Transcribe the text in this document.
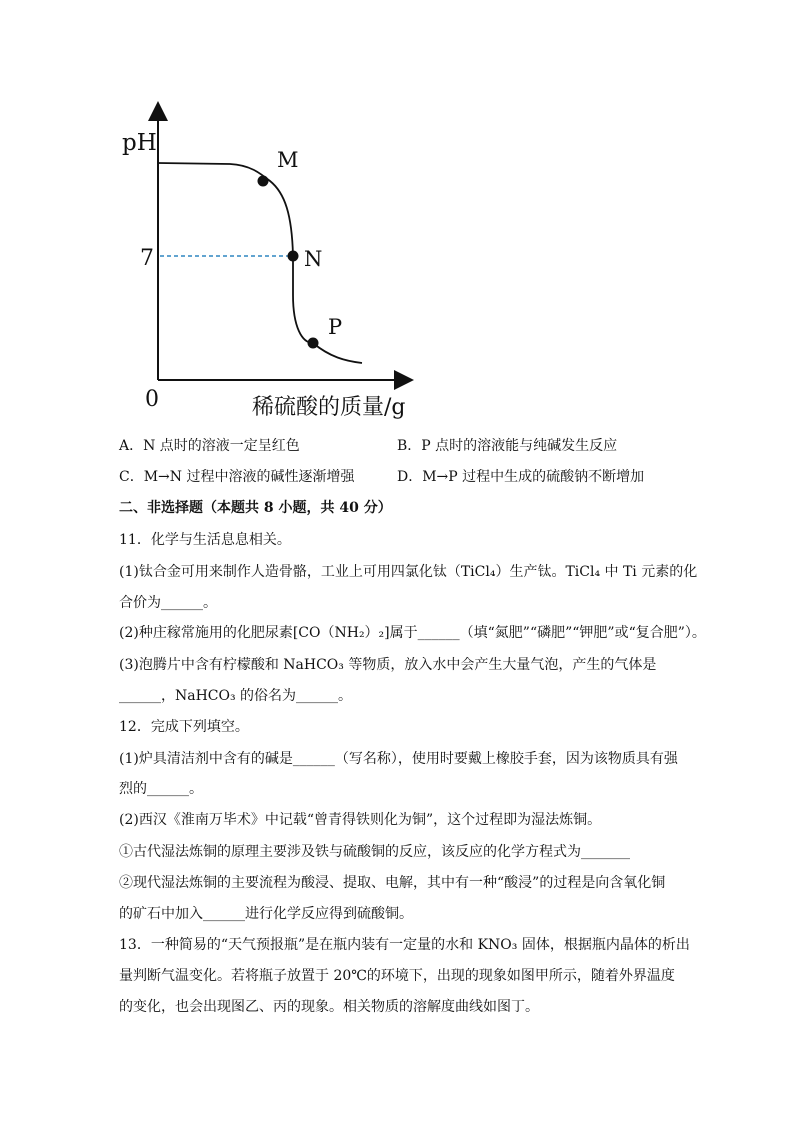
pH
7
0
M
N
P
稀硫酸的质量/g
A．N 点时的溶液一定呈红色	B．P 点时的溶液能与纯碱发生反应
C．M→N 过程中溶液的碱性逐渐增强	D．M→P 过程中生成的硫酸钠不断增加
二、非选择题（本题共 8 小题，共 40 分）
11．化学与生活息息相关。
(1)钛合金可用来制作人造骨骼，工业上可用四氯化钛（TiCl₄）生产钛。TiCl₄ 中 Ti 元素的化
合价为______。
(2)种庄稼常施用的化肥尿素[CO（NH₂）₂]属于______（填“氮肥”“磷肥”“钾肥”或“复合肥”）。
(3)泡腾片中含有柠檬酸和 NaHCO₃ 等物质，放入水中会产生大量气泡，产生的气体是
______，NaHCO₃ 的俗名为______。
12．完成下列填空。
(1)炉具清洁剂中含有的碱是______（写名称），使用时要戴上橡胶手套，因为该物质具有强
烈的______。
(2)西汉《淮南万毕术》中记载“曾青得铁则化为铜”，这个过程即为湿法炼铜。
①古代湿法炼铜的原理主要涉及铁与硫酸铜的反应，该反应的化学方程式为_______
②现代湿法炼铜的主要流程为酸浸、提取、电解，其中有一种“酸浸”的过程是向含氧化铜
的矿石中加入______进行化学反应得到硫酸铜。
13．一种简易的“天气预报瓶”是在瓶内装有一定量的水和 KNO₃ 固体，根据瓶内晶体的析出
量判断气温变化。若将瓶子放置于 20℃的环境下，出现的现象如图甲所示，随着外界温度
的变化，也会出现图乙、丙的现象。相关物质的溶解度曲线如图丁。
